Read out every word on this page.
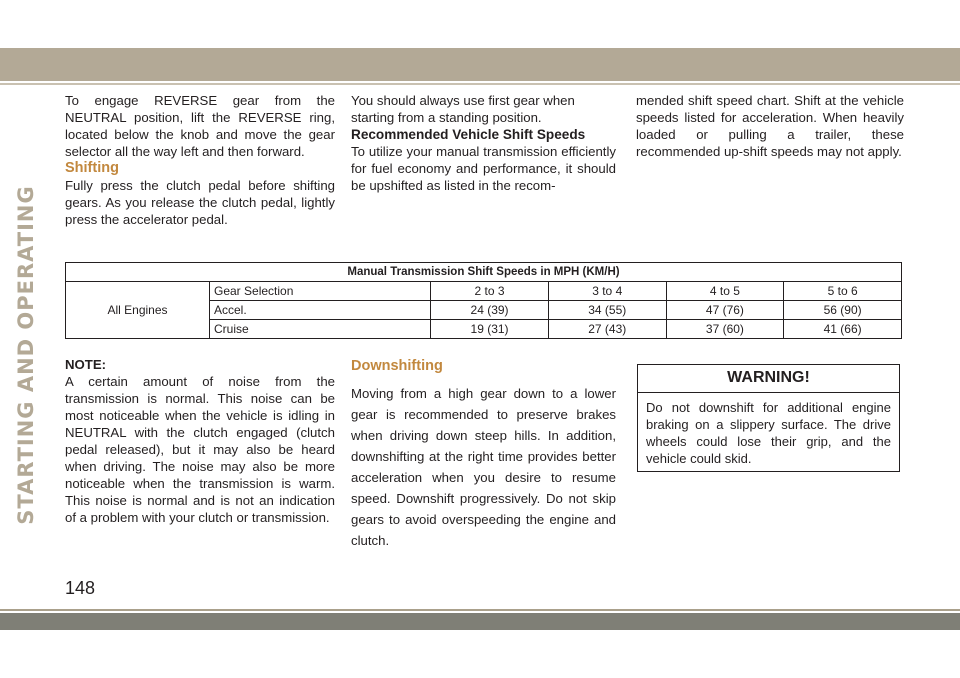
STARTING AND OPERATING

To engage REVERSE gear from the NEUTRAL position, lift the REVERSE ring, located below the knob and move the gear selector all the way left and then forward.

Shifting

Fully press the clutch pedal before shifting gears. As you release the clutch pedal, lightly press the accelerator pedal.

You should always use first gear when starting from a standing position.

Recommended Vehicle Shift Speeds

To utilize your manual transmission efficiently for fuel economy and performance, it should be upshifted as listed in the recom-

mended shift speed chart. Shift at the vehicle speeds listed for acceleration. When heavily loaded or pulling a trailer, these recommended up-shift speeds may not apply.

Manual Transmission Shift Speeds in MPH (KM/H)					
All Engines	Gear Selection	2 to 3	3 to 4	4 to 5	5 to 6
	Accel.	24 (39)	34 (55)	47 (76)	56 (90)
	Cruise	19 (31)	27 (43)	37 (60)	41 (66)

NOTE:

A certain amount of noise from the transmission is normal. This noise can be most noticeable when the vehicle is idling in NEUTRAL with the clutch engaged (clutch pedal released), but it may also be heard when driving. The noise may also be more noticeable when the transmission is warm. This noise is normal and is not an indication of a problem with your clutch or transmission.

Downshifting

Moving from a high gear down to a lower gear is recommended to preserve brakes when driving down steep hills. In addition, downshifting at the right time provides better acceleration when you desire to resume speed. Downshift progressively. Do not skip gears to avoid overspeeding the engine and clutch.

WARNING!
Do not downshift for additional engine braking on a slippery surface. The drive wheels could lose their grip, and the vehicle could skid.
148
